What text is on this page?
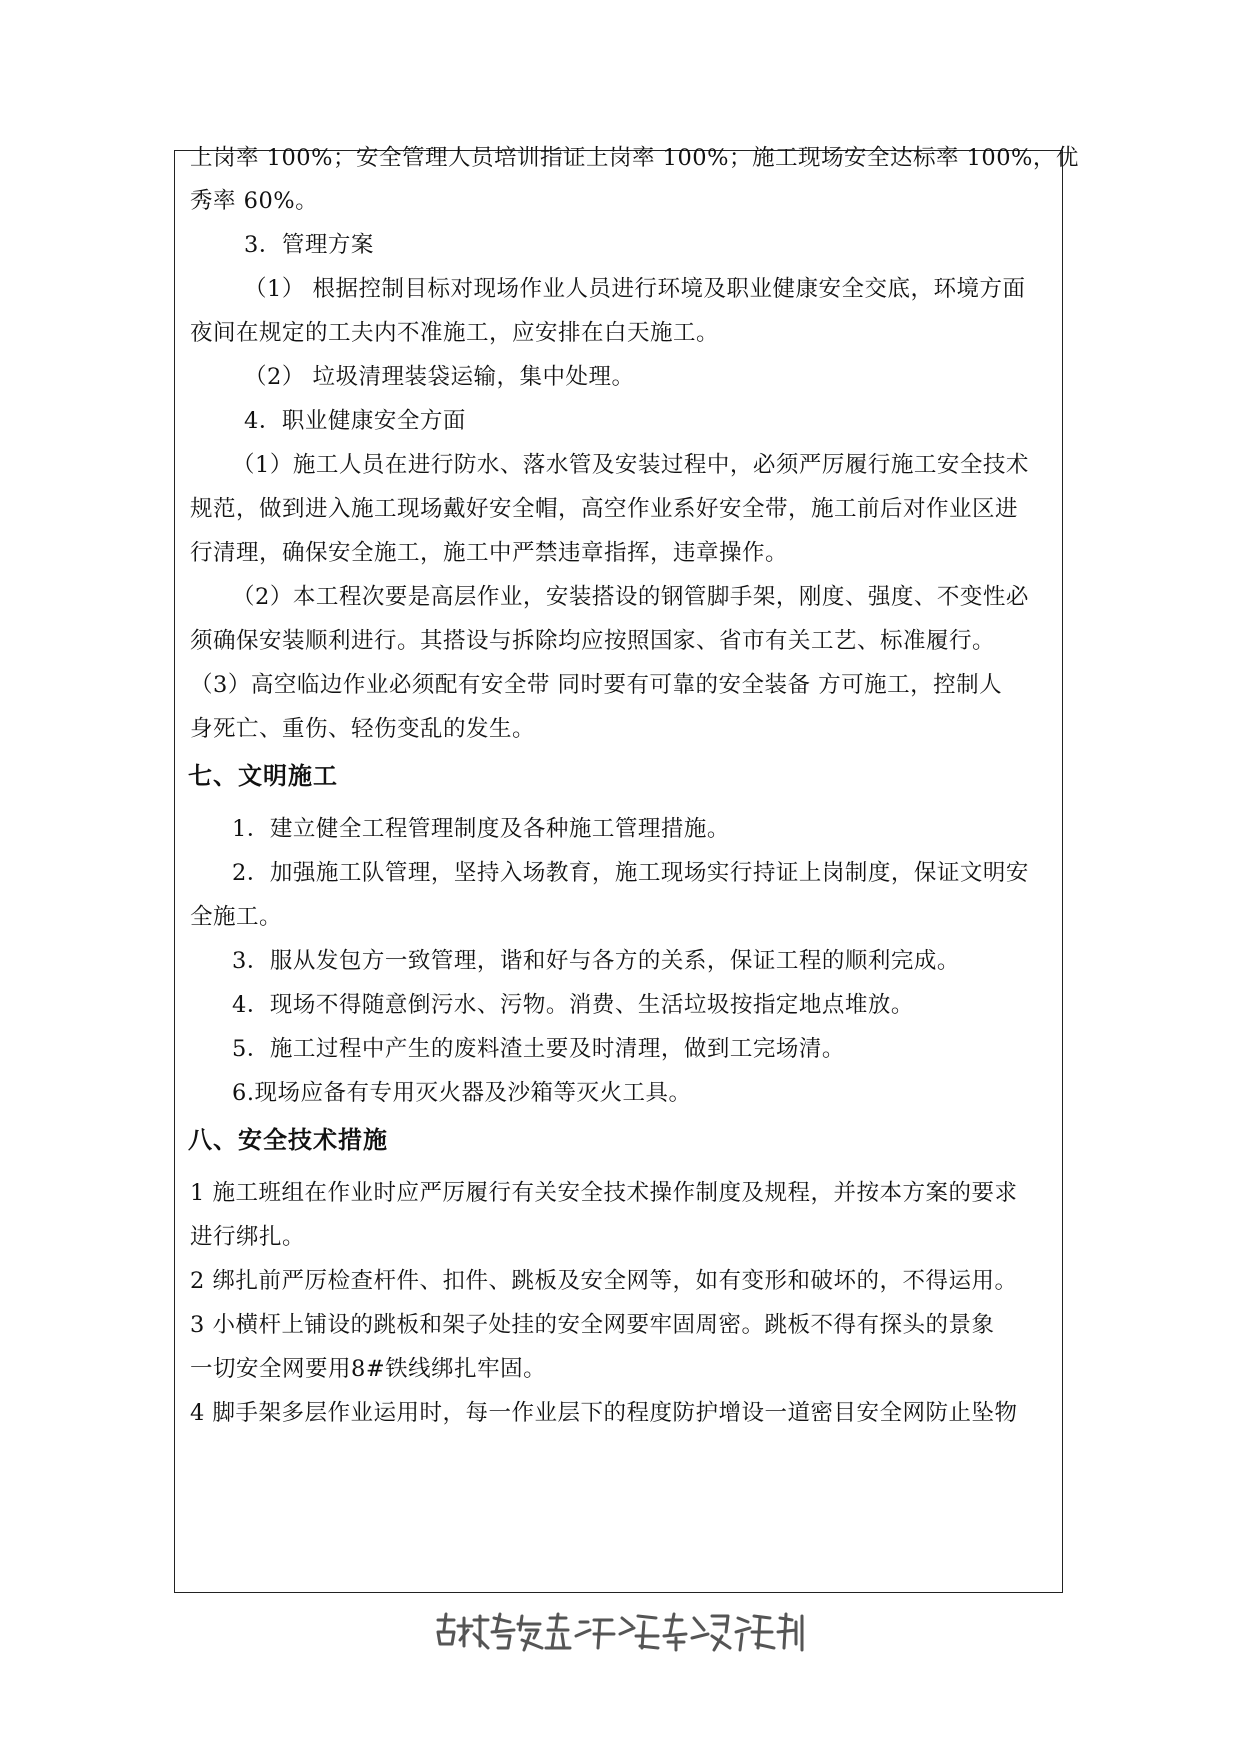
上岗率 100%；安全管理人员培训指证上岗率 100%；施工现场安全达标率 100%，优
秀率 60%。
3．管理方案
（1） 根据控制目标对现场作业人员进行环境及职业健康安全交底，环境方面
夜间在规定的工夫内不准施工，应安排在白天施工。
（2） 垃圾清理装袋运输，集中处理。
4．职业健康安全方面
（1）施工人员在进行防水、落水管及安装过程中，必须严厉履行施工安全技术
规范，做到进入施工现场戴好安全帽，高空作业系好安全带，施工前后对作业区进
行清理，确保安全施工，施工中严禁违章指挥，违章操作。
（2）本工程次要是高层作业，安装搭设的钢管脚手架，刚度、强度、不变性必
须确保安装顺利进行。其搭设与拆除均应按照国家、省市有关工艺、标准履行。
（3）高空临边作业必须配有安全带 同时要有可靠的安全装备 方可施工，控制人
身死亡、重伤、轻伤变乱的发生。
七、文明施工
1．建立健全工程管理制度及各种施工管理措施。
2．加强施工队管理，坚持入场教育，施工现场实行持证上岗制度，保证文明安
全施工。
3．服从发包方一致管理，谐和好与各方的关系，保证工程的顺利完成。
4．现场不得随意倒污水、污物。消费、生活垃圾按指定地点堆放。
5．施工过程中产生的废料渣土要及时清理，做到工完场清。
6.现场应备有专用灭火器及沙箱等灭火工具。
八、安全技术措施
1 施工班组在作业时应严厉履行有关安全技术操作制度及规程，并按本方案的要求
进行绑扎。
2 绑扎前严厉检查杆件、扣件、跳板及安全网等，如有变形和破坏的，不得运用。
3 小横杆上铺设的跳板和架子处挂的安全网要牢固周密。跳板不得有探头的景象
一切安全网要用8#铁线绑扎牢固。
4 脚手架多层作业运用时，每一作业层下的程度防护增设一道密目安全网防止坠物
